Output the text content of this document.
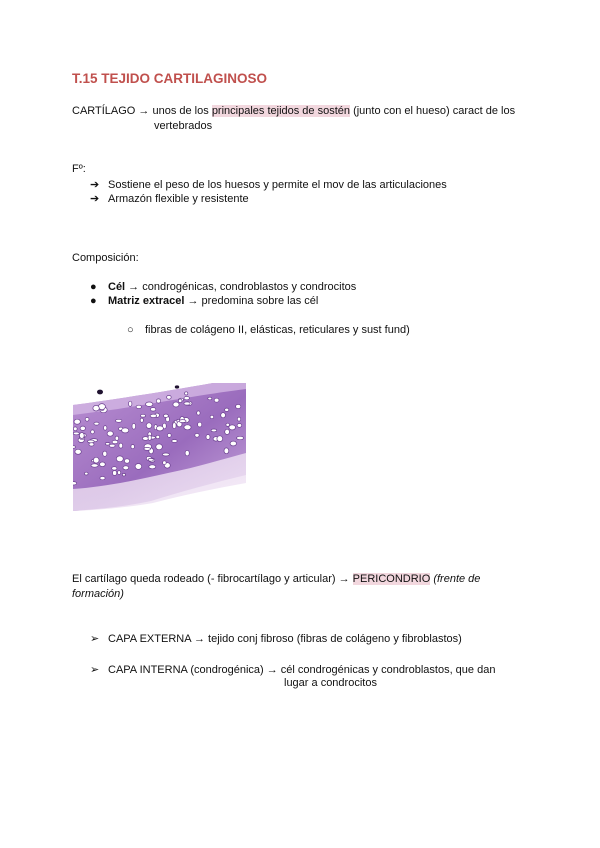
T.15 TEJIDO CARTILAGINOSO
CARTÍLAGO → unos de los principales tejidos de sostén (junto con el hueso) caract de los
vertebrados
Fº:
➔ Sostiene el peso de los huesos y permite el mov de las articulaciones
➔ Armazón flexible y resistente
Composición:
● Cél → condrogénicas, condroblastos y condrocitos
● Matriz extracel → predomina sobre las cél
○ fibras de colágeno II, elásticas, reticulares y sust fund)
El cartílago queda rodeado (- fibrocartílago y articular) → PERICONDRIO (frente de
formación)
➢ CAPA EXTERNA → tejido conj fibroso (fibras de colágeno y fibroblastos)
➢ CAPA INTERNA (condrogénica) → cél condrogénicas y condroblastos, que dan
lugar a condrocitos
